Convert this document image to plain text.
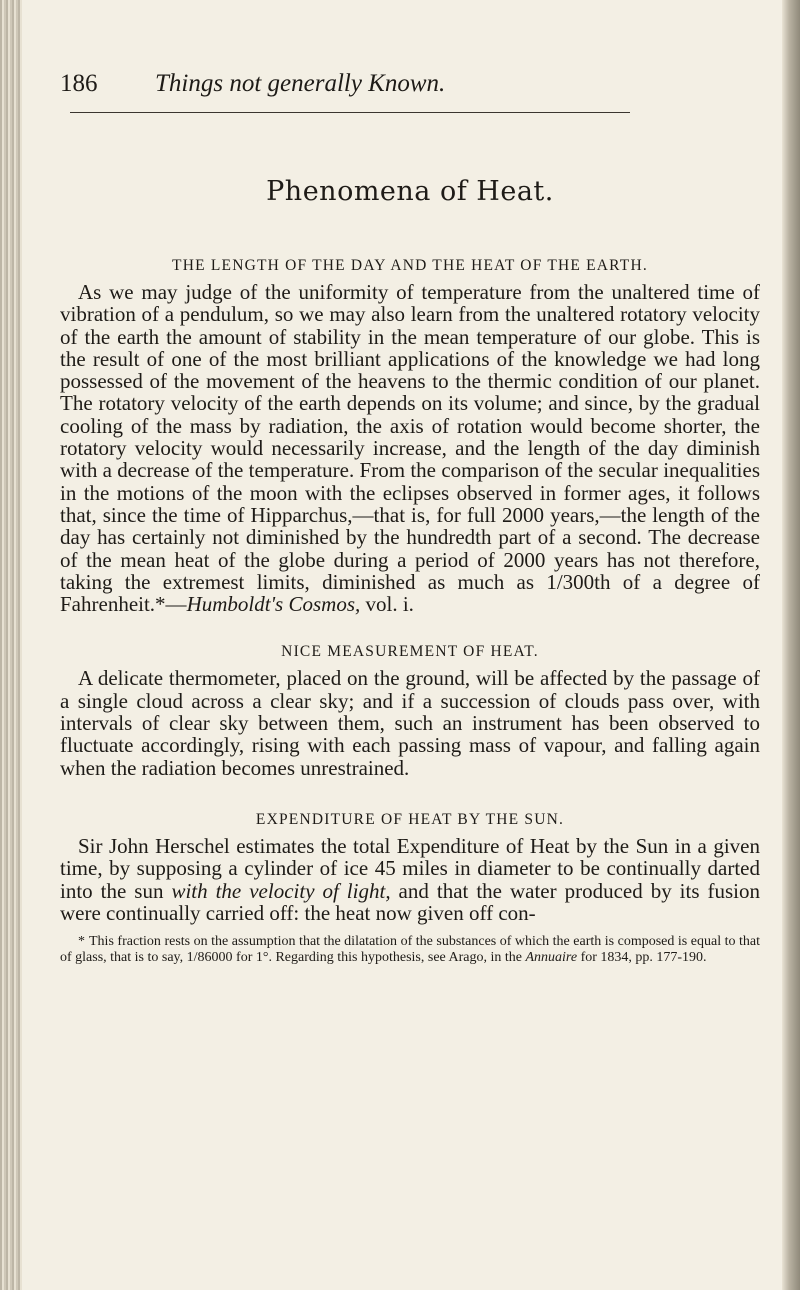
186	Things not generally Known.
Phenomena of Heat.
THE LENGTH OF THE DAY AND THE HEAT OF THE EARTH.

As we may judge of the uniformity of temperature from the unaltered time of vibration of a pendulum, so we may also learn from the unaltered rotatory velocity of the earth the amount of stability in the mean temperature of our globe. This is the result of one of the most brilliant applications of the knowledge we had long possessed of the movement of the heavens to the thermic condition of our planet. The rotatory velocity of the earth depends on its volume; and since, by the gradual cooling of the mass by radiation, the axis of rotation would become shorter, the rotatory velocity would necessarily increase, and the length of the day diminish with a decrease of the temperature. From the comparison of the secular inequalities in the motions of the moon with the eclipses observed in former ages, it follows that, since the time of Hipparchus,—that is, for full 2000 years,—the length of the day has certainly not diminished by the hundredth part of a second. The decrease of the mean heat of the globe during a period of 2000 years has not therefore, taking the extremest limits, diminished as much as 1/300th of a degree of Fahrenheit.*—Humboldt's Cosmos, vol. i.

NICE MEASUREMENT OF HEAT.

A delicate thermometer, placed on the ground, will be affected by the passage of a single cloud across a clear sky; and if a succession of clouds pass over, with intervals of clear sky between them, such an instrument has been observed to fluctuate accordingly, rising with each passing mass of vapour, and falling again when the radiation becomes unrestrained.

EXPENDITURE OF HEAT BY THE SUN.

Sir John Herschel estimates the total Expenditure of Heat by the Sun in a given time, by supposing a cylinder of ice 45 miles in diameter to be continually darted into the sun with the velocity of light, and that the water produced by its fusion were continually carried off: the heat now given off con-

* This fraction rests on the assumption that the dilatation of the substances of which the earth is composed is equal to that of glass, that is to say, 1/86000 for 1°. Regarding this hypothesis, see Arago, in the Annuaire for 1834, pp. 177-190.
